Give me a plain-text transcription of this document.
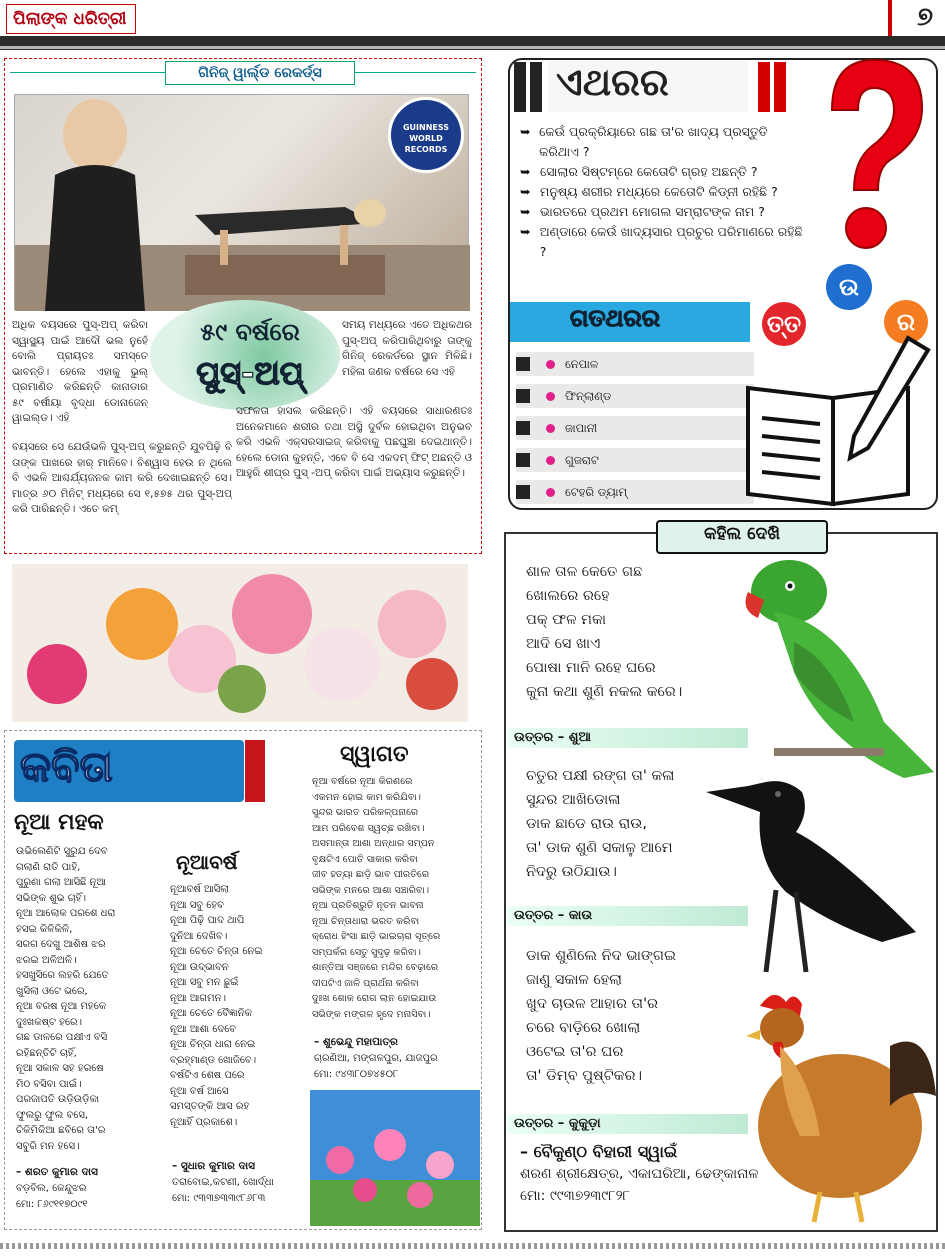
ପିଲାଙ୍କ ଧରିତ୍ରୀ	୭
ଗିନିଜ୍ ୱାର୍ଲ୍ଡ ରେକର୍ଡ୍ସ
GUINNESS WORLD RECORDS
୫୯ ବର୍ଷରେ
ପୁସ୍-ଅପ୍
ଅଧିକ ବୟସରେ ପୁସ୍-ଅପ୍ କରିବା ସ୍ୱାସ୍ଥ୍ୟ ପାଇଁ ଆଦୌ ଭଲ ନୁହେଁ ବୋଲି ପ୍ରାୟତଃ ସମସ୍ତେ ଭାବନ୍ତି। ହେଲେ ଏହାକୁ ଭୁଲ୍ ପ୍ରମାଣିତ କରିଛନ୍ତି କାନାଡାର ୫୯ ବର୍ଷୀୟା ବୃଦ୍ଧା ଡୋନାଜେନ୍ ୱାଇଲ୍ଡ। ଏହି
ସମୟ ମଧ୍ୟରେ ଏତେ ଅଧିକଥର ପୁସ୍-ଅପ୍ କରିପାରିଥିବାରୁ ତାଙ୍କୁ ଗିନିଜ୍ ରେକର୍ଡରେ ସ୍ଥାନ ମିଳିଛି। ମହିଳା ଜଣକ ବର୍ଷରେ ସେ ଏହି
ସଫଳତା ହାସଲ କରିଛନ୍ତି। ଏହି ବୟସରେ ସାଧାରଣତଃ ଅନେକମାନେ ଶରୀର ତଥା ଅସ୍ଥି ଦୁର୍ବଳ ହୋଇଥିବା ଅନୁଭବ କରି ଏଭଳି ଏକ୍ସରସାଇଜ୍ କରିବାକୁ ପଛଘୁଞ୍ଚା ଦେଇଥାନ୍ତି। ହେଲେ ଡୋନା କୁହନ୍ତି, ଏବେ ବି ସେ ଏକଦମ୍ ଫିଟ୍ ଅଛନ୍ତି ଓ ଆହୁରି ଶୀଘ୍ର ପୁସ୍ -ଅପ୍ କରିବା ପାଇଁ ଅଭ୍ୟାସ କରୁଛନ୍ତି।
ବୟସରେ ସେ ଯେଉଁଭଳି ପୁସ୍-ଅପ୍ କରୁଛନ୍ତି ଯୁବପିଢ଼ି ବି ତାଙ୍କ ପାଖରେ ହାର୍ ମାନିବେ। ବିଶ୍ୱାସ ହେଉ ନ ଥିଲେ ବି ଏଭଳି ଆଶ୍ଚର୍ଯ୍ୟଜନକ କାମ କରି ଦେଖାଇଛନ୍ତି ସେ। ମାତ୍ର ୬୦ ମିନିଟ୍ ମଧ୍ୟରେ ସେ ୧,୫୭୫ ଥର ପୁସ୍-ଅପ୍ କରି ପାରିଛନ୍ତି। ଏତେ କମ୍
କବିତା
ନୂଆ ମହକ
ଉଭିଲେଣିଟି ସୁରୁଯ ଦେବ
ଗଲାଣି ରାତି ପାହି,
ପୁରୁଣା ଗଲା ଆସିଛି ନୂଆ
ସଭିଙ୍କ ଶୁଭ ଚାହିଁ।
ନୂଆ ଆଲୋକ ପରଶେ ଧରା
ହସଇ କିଳିକିଳି,
ସରଗ ଦେଖୁ ଆଶିଷ ଝର
ଝରଇ ଅଳିଅଳି।
ହସଖୁସିରେ ଲହରି ଯେତେ
ଖୁସିଲା ଓଟେ ଭରେ,
ନୂଆ ବରଷ ନୂଆ ମହକେ
ଦୁଃଖକଷ୍ଟ ହରେ।
ଗଛ ଡାଳରେ ପକ୍ଷୀଏ ବସି
ରହିଛନ୍ତିଟି ଚାହିଁ,
ନୂଆ ସକାଳ ସହ ହରଷେ
ମିଠ ବସିବା ପାଇଁ।
ପରଜାପତି ଉଡ଼ିଉଡ଼ିକା
ଫୁଲରୁ ଫୁଲ ବସେ,
ଚିକିମିକିଆ ଛବିରେ ତା'ର
ସବୁରି ମନ ହସେ।
– ଶରତ କୁମାର ଦାସ
ବଡ଼ବିଲ, କେନ୍ଦୁଝର
ମୋ: ୮୬୯୧୧୭୦୯୧
ନୂଆବର୍ଷ
ନୂଆବର୍ଷ ଆସିଲା
ନୂଆ ସବୁ ହେବ
ନୂଆ ପିଢ଼ି ପାଦ ଥାପି
ଦୁନିଆ ଦେଖିବ।
ନୂଆ ଚେତେ ଚିନ୍ତା ନେଇ
ନୂଆ ଉଦ୍ଭାବନ
ନୂଆ ସବୁ ମନ ଛୁଇଁ
ନୂଆ ଆଗମନ।
ନୂଆ ଚେତେ ବୈଜ୍ଞାନିକ
ନୂଆ ଆଶା ଦେବେ
ନୂଆ ଚିନ୍ତା ଧାରା ନେଇ
ବ୍ରହ୍ମାଣ୍ଡ ଖୋଜିବେ।
ବର୍ଷଟିଏ ଶେଷ ପରେ
ନୂଆ ବର୍ଷ ଆସେ
ସମସ୍ତଙ୍କି ଆସ ରହ
ନୂଆହିଁ ପ୍ରକାଶେ।
– ସୁଧାର କୁମାର ଦାସ
ତରାବୋଇ,କଟଣୀ, ଖୋର୍ଦ୍ଧା
ମୋ: ୯୩୩୭୩୩୯୮୬୮୩
ସ୍ୱାଗତ
ନୂଆ ବର୍ଷରେ ନୂଆ କିରଣରେ
ଏକମନ ହୋଇ କାମ କରିଯିବା।
ସୁନ୍ଦର ଭାରତ ପରିକଳ୍ପନାରେ
ଆମ ପରିବେଶ ସ୍ୱଚ୍ଛ ରଖିବା।
ଅସମାନ୍ତା ଆଶା ଅନ୍ଧାର ସମ୍ପନ
ବୃକ୍ଷଟିଏ ପୋତି ସାକାର କରିବା
ଜୀବ ହତ୍ୟା ଛାଡ଼ି ଭାବ ପୀରତିରେ
ସଭିଙ୍କ ମନରେ ଆଶା ସଞ୍ଚାରିବା।
ନୂଆ ପ୍ରତିଶ୍ରୁତି ନୂତନ ଭାବନା
ନୂଆ ଚିନ୍ତାଧାରା ଭରତ କରିବା
କ୍ରୋଧ ହିଂସା ଛାଡ଼ି ଭାଇଚାରା ସୂତ୍ରେ
ସମ୍ପର୍କର ସେତୁ ସୁଦୃଢ଼ କରିବା।
ଶାନ୍ତିଆ ସଞ୍ଜରେ ମନ୍ଦିର ବେଢ଼ାରେ
ଦୀପଟିଏ ଜାଳି ପ୍ରାର୍ଥନା କରିବା
ଦୁଃଖ ଶୋକ ରୋଗ ଲାନ ହୋଇଯାଉ
ସଭିଙ୍କ ମଙ୍ଗଳ ହୃଦେ ମନାସିବା।
– ଶୁଭେନ୍ଦୁ ମହାପାତ୍ର
ଚାରଣିଆ, ମଙ୍ଗଳପୁର, ଯାଜପୁର
ମୋ: ୯୪୩୮୦୭୪୫୦୮
ଏଥରର
➥ କେଉଁ ପ୍ରକ୍ରିୟାରେ ଗଛ ତା'ର ଖାଦ୍ୟ ପ୍ରସ୍ତୁତି କରିଥାଏ ?
➥ ସୋଲାର ସିଷ୍ଟମ୍‌ରେ କେତୋଟି ଗ୍ରହ ଅଛନ୍ତି ?
➥ ମନୁଷ୍ୟ ଶରୀର ମଧ୍ୟରେ କେତୋଟି କିଡ୍‌ନୀ ରହିଛି ?
➥ ଭାରତରେ ପ୍ରଥମ ମୋଗଲ ସମ୍ରାଟଙ୍କ ନାମ ?
➥ ଅଣ୍ଡାରେ କେଉଁ ଖାଦ୍ୟସାର ପ୍ରଚୁର ପରିମାଣରେ ରହିଛି ?
ଉ
ତ୍ତ	ର
ଗତଥରର
ନେପାଳ
ଫିନ୍‌ଲାଣ୍ଡ
ଜାପାନୀ
ଗୁଜରାଟ
ଟେହରି ଡ୍ୟାମ୍
କହିଲ ଦେଖି
ଶାଳ ତାଳ କେତେ ଗଛ
ଖୋଲରେ ରହେ
ପକ୍ ଫଳ ମକା
ଆଦି ସେ ଖାଏ
ପୋଷା ମାନି ରହେ ଘରେ
କୁନା କଥା ଶୁଣି ନକଲ କରେ।
ଉତ୍ତର – ଶୁଆ
ଚତୁର ପକ୍ଷୀ ରଙ୍ଗ ତା' କଳା
ସୁନ୍ଦର ଆଖିଡୋଳା
ଡାକ ଛାଡେ ରାଉ ରାଉ,
ତା' ଡାକ ଶୁଣି ସକାଳୁ ଆମେ
ନିଦରୁ ଉଠିଯାଉ।
ଉତ୍ତର – କାଉ
ଡାକ ଶୁଣିଲେ ନିଦ ଭାଙ୍ଗଇ
ଜାଣୁ ସକାଳ ହେଲା
ଖୁଦ ଚାଉଳ ଆହାର ତା'ର
ଚରେ ବାଡ଼ିରେ ଖୋଲା
ଓଟେଇ ତା'ର ଘର
ତା' ଡିମ୍ବ ପୁଷ୍ଟିକର।
ଉତ୍ତର – କୁକୁଡ଼ା
– ବୈକୁଣ୍ଠ ବିହାରୀ ସ୍ୱାଇଁ
ଶରଣ ଶ୍ରୀକ୍ଷେତ୍ର, ଏକାଘରିଆ, ଢେଙ୍କାନାଳ
ମୋ: ୯୯୩୭୨୩୯୮୨୮
